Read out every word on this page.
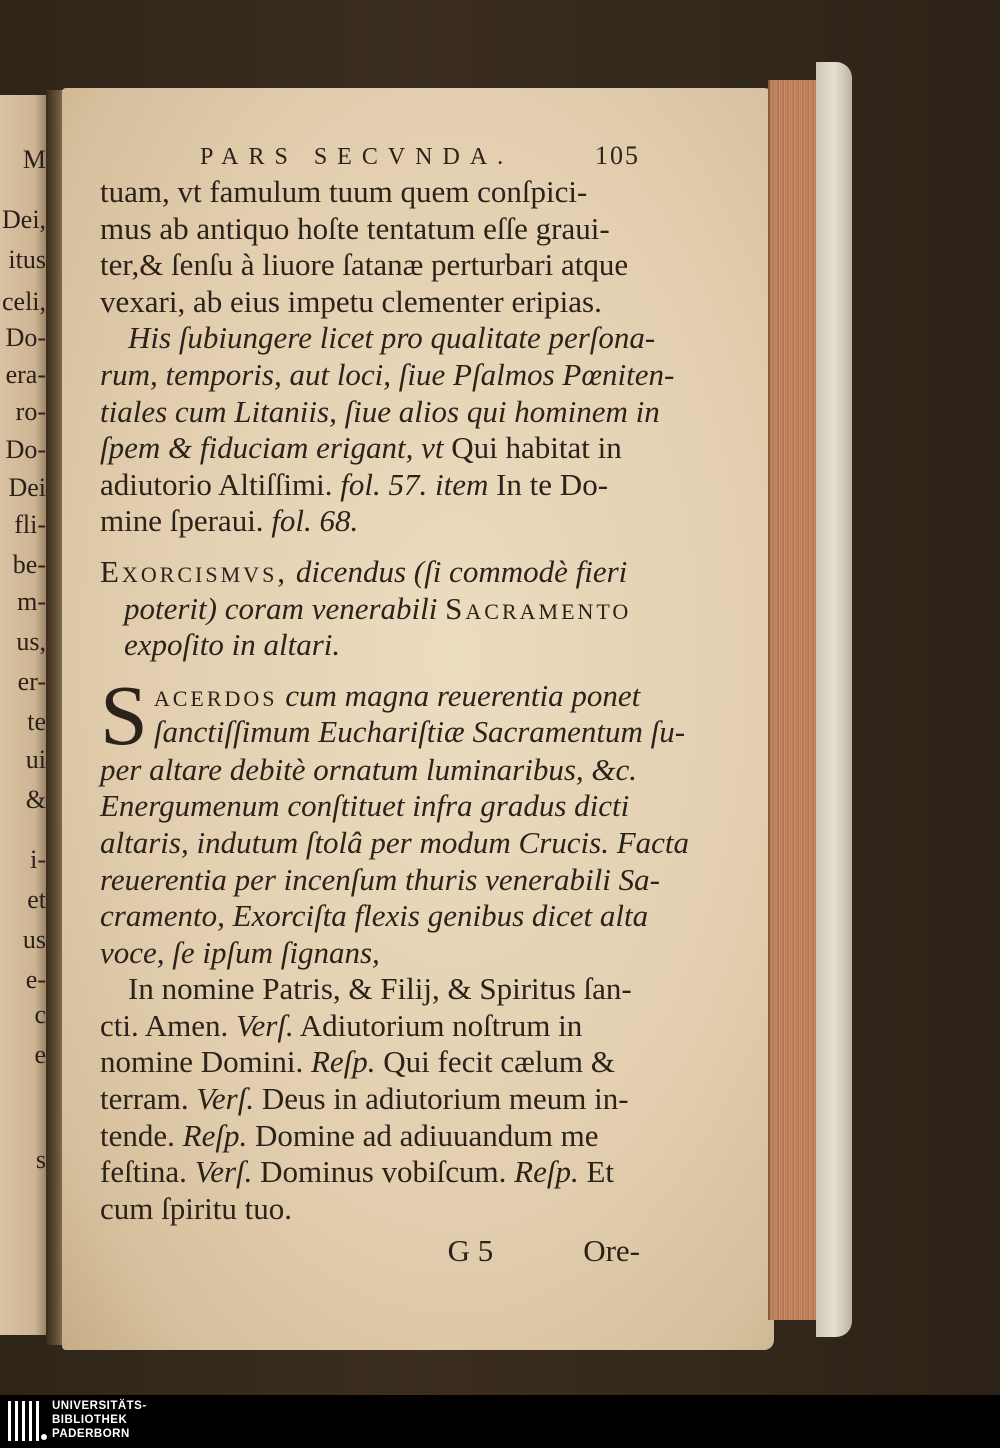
M
Dei,
itus
celi,
Do-
era-
ro-
Do-
Dei
fli-
be-
m-
us,
er-
te
ui
&
i-
et
us
e-
c
e
s
PARS SECVNDA.	105
tuam, vt famulum tuum quem conſpici-
mus ab antiquo hoſte tentatum eſſe graui-
ter,& ſenſu à liuore ſatanæ perturbari atque
vexari, ab eius impetu clementer eripias.
His ſubiungere licet pro qualitate perſona-
rum, temporis, aut loci, ſiue Pſalmos Pœniten-
tiales cum Litaniis, ſiue alios qui hominem in
ſpem & fiduciam erigant, vt Qui habitat in
adiutorio Altiſſimi. fol. 57. item In te Do-
mine ſperaui. fol. 68.
Exorcismvs, dicendus (ſi commodè fieri
poterit) coram venerabili Sacramento
expoſito in altari.
S acerdos cum magna reuerentia ponet
ſanctiſſimum Euchariſtiæ Sacramentum ſu-
per altare debitè ornatum luminaribus, &c.
Energumenum conſtituet infra gradus dicti
altaris, indutum ſtolâ per modum Crucis. Facta
reuerentia per incenſum thuris venerabili Sa-
cramento, Exorciſta flexis genibus dicet alta
voce, ſe ipſum ſignans,
In nomine Patris, & Filij, & Spiritus ſan-
cti. Amen. Verſ. Adiutorium noſtrum in
nomine Domini. Reſp. Qui fecit cælum &
terram. Verſ. Deus in adiutorium meum in-
tende. Reſp. Domine ad adiuuandum me
feſtina. Verſ. Dominus vobiſcum. Reſp. Et
cum ſpiritu tuo.
G 5	Ore-
UNIVERSITÄTS-
BIBLIOTHEK
PADERBORN
